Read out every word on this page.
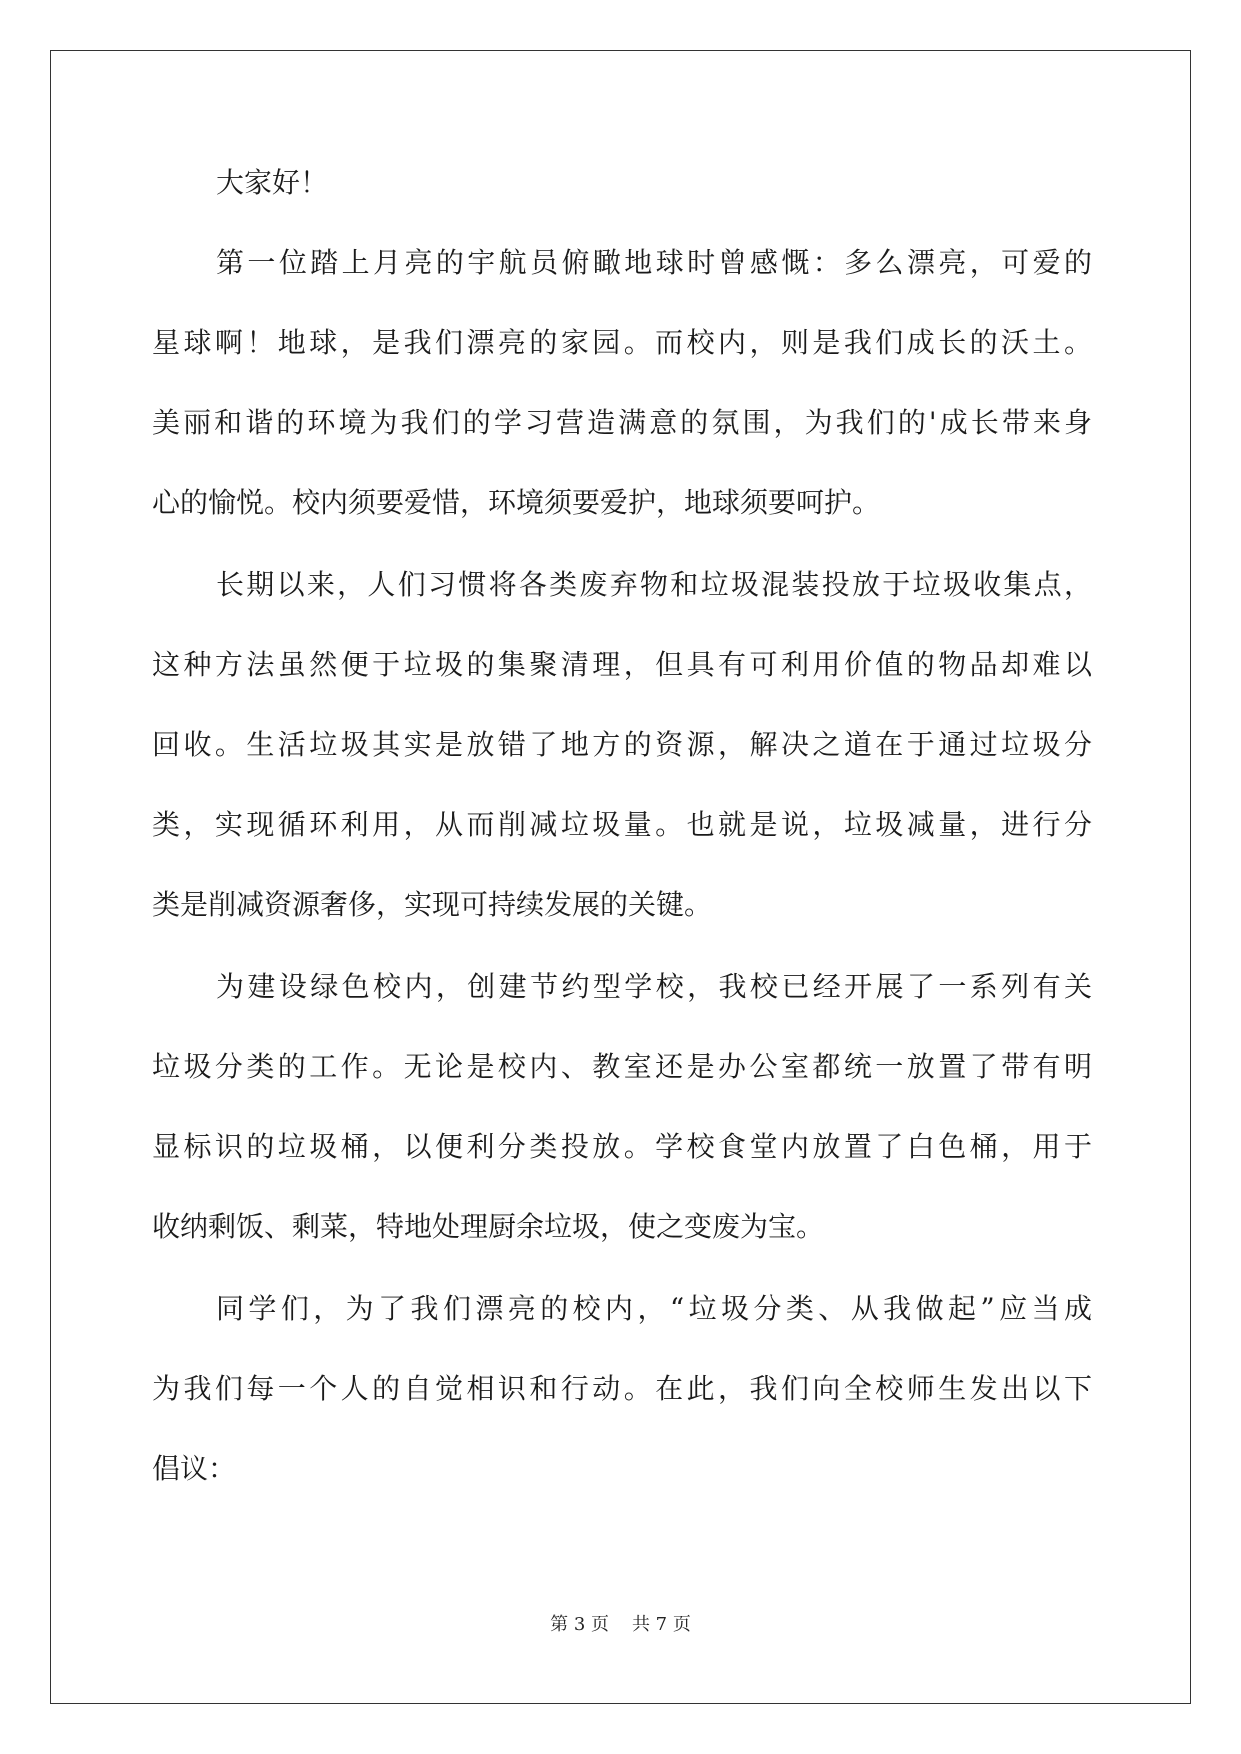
大家好！
第一位踏上月亮的宇航员俯瞰地球时曾感慨：多么漂亮，可爱的
星球啊！地球，是我们漂亮的家园。而校内，则是我们成长的沃土。
美丽和谐的环境为我们的学习营造满意的氛围，为我们的'成长带来身
心的愉悦。校内须要爱惜，环境须要爱护，地球须要呵护。
长期以来，人们习惯将各类废弃物和垃圾混装投放于垃圾收集点，
这种方法虽然便于垃圾的集聚清理，但具有可利用价值的物品却难以
回收。生活垃圾其实是放错了地方的资源，解决之道在于通过垃圾分
类，实现循环利用，从而削减垃圾量。也就是说，垃圾减量，进行分
类是削减资源奢侈，实现可持续发展的关键。
为建设绿色校内，创建节约型学校，我校已经开展了一系列有关
垃圾分类的工作。无论是校内、教室还是办公室都统一放置了带有明
显标识的垃圾桶，以便利分类投放。学校食堂内放置了白色桶，用于
收纳剩饭、剩菜，特地处理厨余垃圾，使之变废为宝。
同学们，为了我们漂亮的校内，“垃圾分类、从我做起”应当成
为我们每一个人的自觉相识和行动。在此，我们向全校师生发出以下
倡议：
第 3 页    共 7 页
